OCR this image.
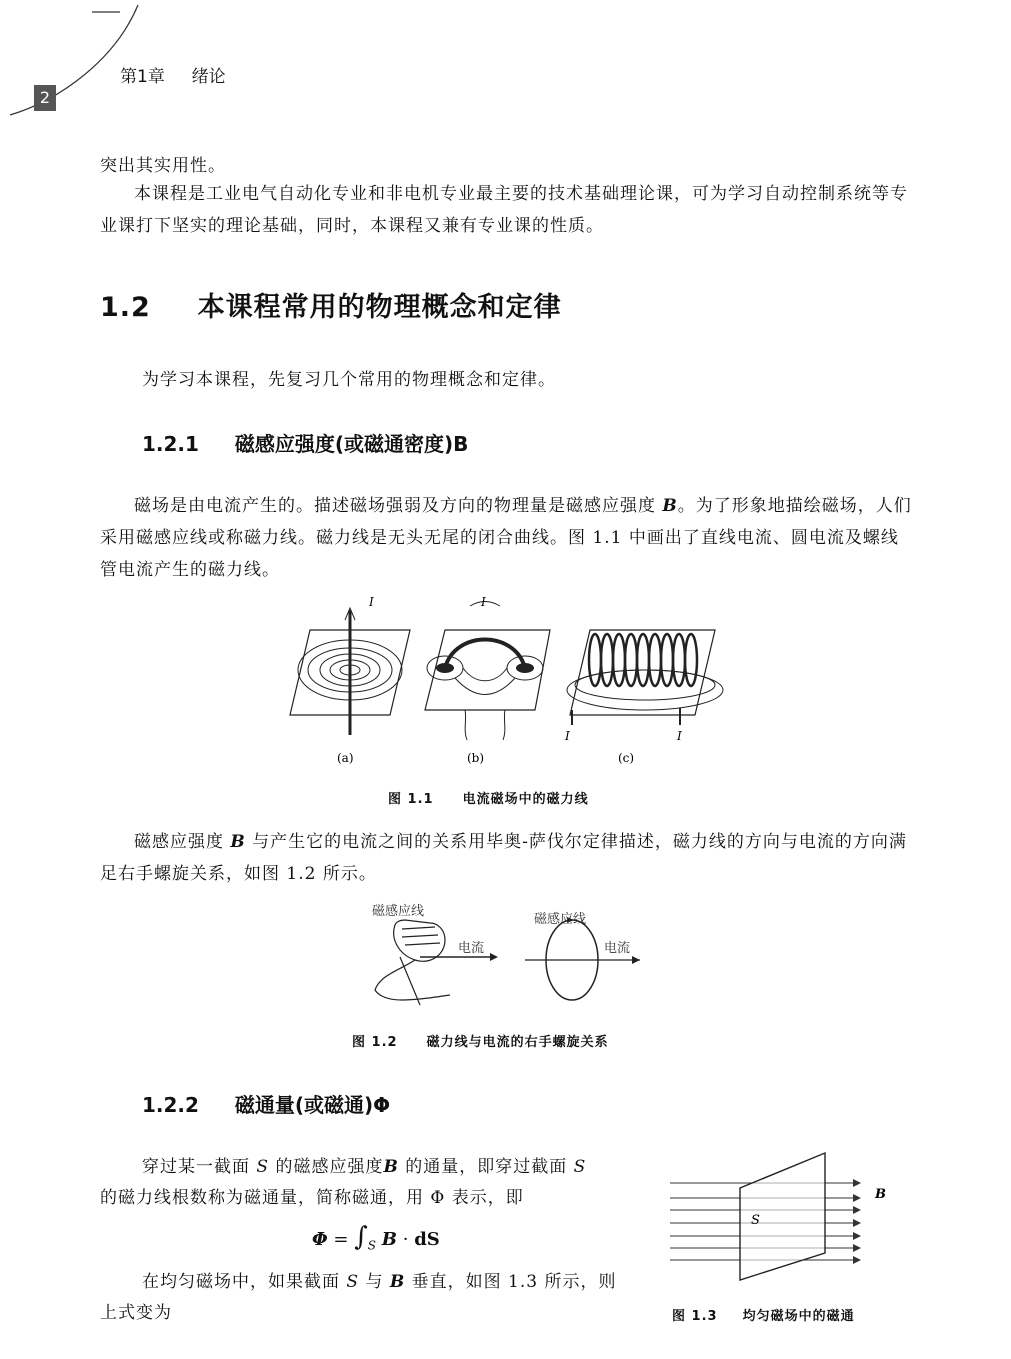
第1章 绪论
2
突出其实用性。
本课程是工业电气自动化专业和非电机专业最主要的技术基础理论课，可为学习自动控制系统等专业课打下坚实的理论基础，同时，本课程又兼有专业课的性质。
1.2 本课程常用的物理概念和定律
为学习本课程，先复习几个常用的物理概念和定律。
1.2.1 磁感应强度(或磁通密度)B
磁场是由电流产生的。描述磁场强弱及方向的物理量是磁感应强度 B。为了形象地描绘磁场，人们采用磁感应线或称磁力线。磁力线是无头无尾的闭合曲线。图 1.1 中画出了直线电流、圆电流及螺线管电流产生的磁力线。
I	I
I	I
(a)	(b)	(c)
图 1.1 电流磁场中的磁力线
磁感应强度 B 与产生它的电流之间的关系用毕奥-萨伐尔定律描述，磁力线的方向与电流的方向满足右手螺旋关系，如图 1.2 所示。
磁感应线
电流
磁感应线
电流
图 1.2 磁力线与电流的右手螺旋关系
1.2.2 磁通量(或磁通)Φ
穿过某一截面 S 的磁感应强度B 的通量，即穿过截面 S
的磁力线根数称为磁通量，简称磁通，用 Φ 表示，即
$\Phi = \int_S$ B · dS
在均匀磁场中，如果截面 S 与 B 垂直，如图 1.3 所示，则
上式变为
B
S
图 1.3 均匀磁场中的磁通
